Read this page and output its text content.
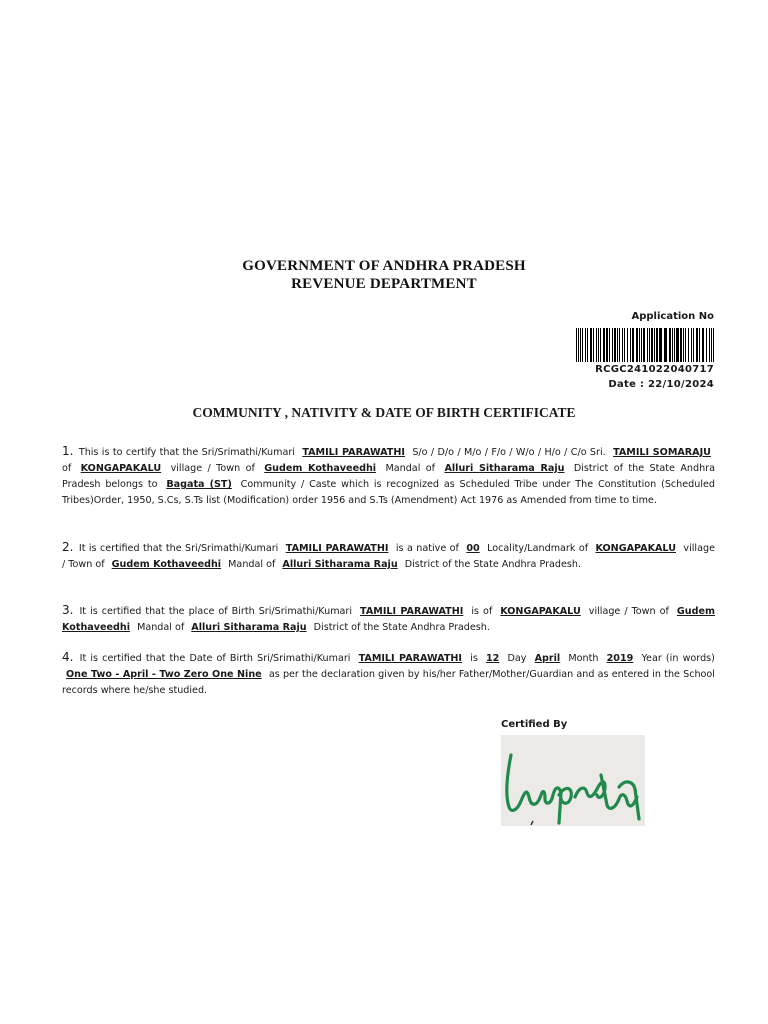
GOVERNMENT OF ANDHRA PRADESH
REVENUE DEPARTMENT
Application No
RCGC241022040717
Date : 22/10/2024
COMMUNITY , NATIVITY & DATE OF BIRTH CERTIFICATE
1. This is to certify that the Sri/Srimathi/Kumari TAMILI PARAWATHI S/o / D/o / M/o / F/o / W/o / H/o / C/o Sri. TAMILI SOMARAJU of KONGAPAKALU village / Town of Gudem Kothaveedhi Mandal of Alluri Sitharama Raju District of the State Andhra Pradesh belongs to Bagata (ST) Community / Caste which is recognized as Scheduled Tribe under The Constitution (Scheduled Tribes)Order, 1950, S.Cs, S.Ts list (Modification) order 1956 and S.Ts (Amendment) Act 1976 as Amended from time to time.
2. It is certified that the Sri/Srimathi/Kumari TAMILI PARAWATHI is a native of 00 Locality/Landmark of KONGAPAKALU village / Town of Gudem Kothaveedhi Mandal of Alluri Sitharama Raju District of the State Andhra Pradesh.
3. It is certified that the place of Birth Sri/Srimathi/Kumari TAMILI PARAWATHI is of KONGAPAKALU village / Town of Gudem Kothaveedhi Mandal of Alluri Sitharama Raju District of the State Andhra Pradesh.
4. It is certified that the Date of Birth Sri/Srimathi/Kumari TAMILI PARAWATHI is 12 Day April Month 2019 Year (in words) One Two - April - Two Zero One Nine as per the declaration given by his/her Father/Mother/Guardian and as entered in the School records where he/she studied.
Certified By
